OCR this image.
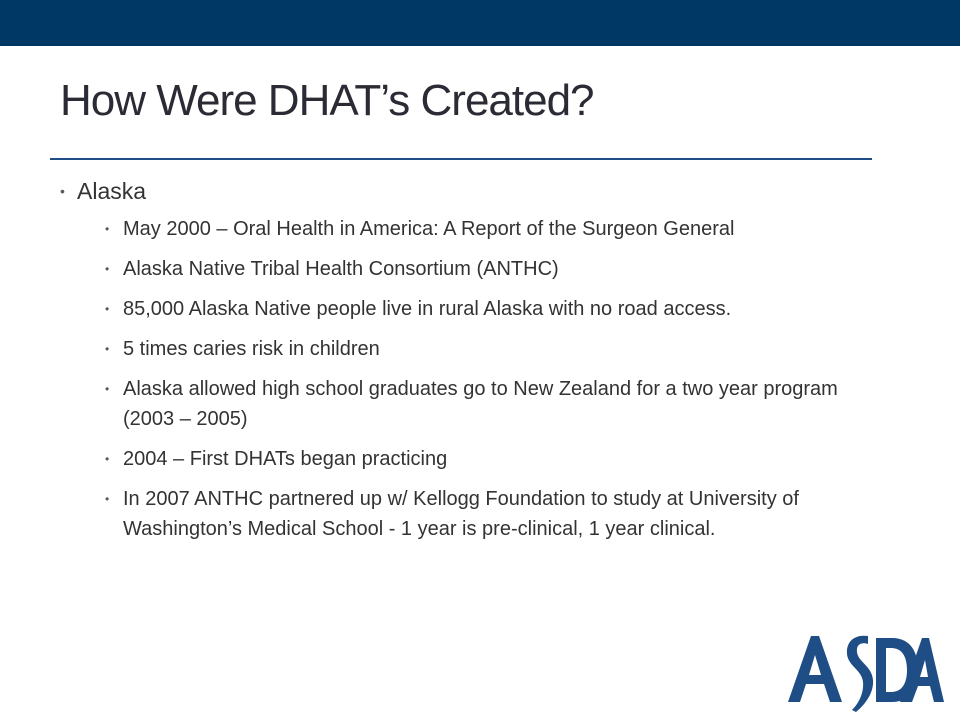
How Were DHAT’s Created?
• Alaska
• May 2000 – Oral Health in America: A Report of the Surgeon General
• Alaska Native Tribal Health Consortium (ANTHC)
• 85,000 Alaska Native people live in rural Alaska with no road access.
• 5 times caries risk in children
• Alaska allowed high school graduates go to New Zealand for a two year program (2003 – 2005)
• 2004 – First DHATs began practicing
• In 2007 ANTHC partnered up w/ Kellogg Foundation to study at University of Washington’s Medical School - 1 year is pre-clinical, 1 year clinical.
